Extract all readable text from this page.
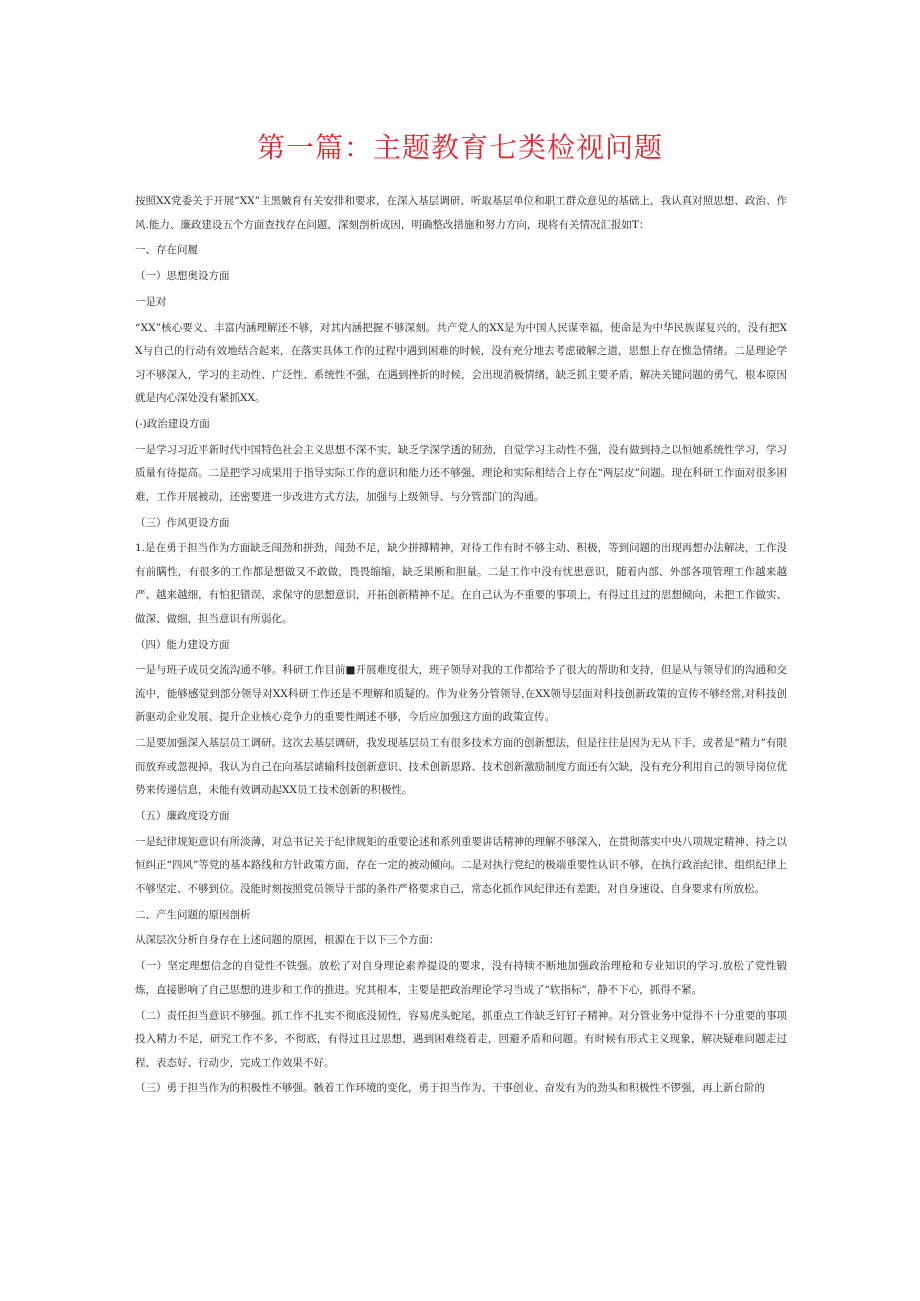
第一篇：主题教育七类检视问题

按照XX党委关于开展“XX”主黑皴育有关安排和要求，在深入基层调研、听取基层单位和职工群众意见的基础上，我认真对照思想、政治、作风.能力、廉政建设五个方面查找存在问题，深刻剖析成因，明确整改措施和努力方向，现将有关情况汇报如T：

一、存在问履

（一）思想奥设方面

一是对

“XX”核心要义、丰富内涵理解还不够，对其内涵把握不够深刻。共产党人的XX是为中国人民谋幸福，使命是为中华民族谋复兴的，没有把XX与自己的行动有效地结合起来，在落实具体工作的过程中遇到困难的时候，没有充分地去考虑破解之道，思想上存在憔急情绪。二是理论学习不够深入，学习的主动性、广泛性、系统性不强，在遇到挫折的时候，会出现消极情绪，缺乏抓主要矛盾，解决关键问题的勇气，根本原因就是内心深处没有紧抓XX。

(-)政治建设方面

一是学习习近平新时代中国特色社会主义思想不深不实，缺乏学深学透的韧劲，自觉学习主动性不强，没有做到持之以恒她系统性学习，学习质量有待提高。二是把学习成果用于指导实际工作的意识和能力还不够强，理论和实际相结合上存在“两层皮”问题。现在科研工作面对很多困难，工作开展被动，还密要进一步改进方式方法，加强与上级领导、与分管部门的沟通。

（三）作风更设方面

1.是在勇于担当作为方面缺乏闯劲和拼劲，闯劲不足，缺少拼搏精神，对待工作有时不够主动、积极，等到问题的出现再想办法解决，工作没有前瞒性，有很多的工作都是想做又不敢做，畏畏缩缩，缺乏果断和胆量。二是工作中没有忧患意识，随着内部、外部各项管理工作越来越严、越来越细，有怕犯错误，求保守的思想意识，开拓创新精神不足。在自己认为不重要的事项上，有得过且过的思想倾向，未把工作做实、做深、做细，担当意识有所弱化。

（四）能力建设方面

一是与班子成员交流沟通不够。科研工作目前■开展难度很大，班子领导对我的工作都给予了很大的帮助和支持，但是从与领导们的沟通和交流中，能够感觉到部分领导对XX科研工作还是不理解和质疑的。作为业务分管领导,在XX领导层面对科技创新政策的宣传不够经常,对科技创新驱动企业发展、提升企业核心竞争力的重要性阐述不够，今后应加强这方面的政策宣传。

二是要加强深入基层员工调研。这次去基层调研，我发现基层员工有很多技术方面的创新想法，但是往往是因为无从下手，或者是“精力”有限而放弃或忽视掉。我认为自己在向基层谑输科技创新意识、技术创新思路、技术创新激励制度方面还有欠缺，没有充分利用自己的领导岗位优势来传递信息，未能有效调动起XX员工技术创新的积极性。

（五）廉政度设方面

一是纪律规矩意识有所淡薄，对总书记关于纪律规矩的重要论述和系列重要讲话精神的理解不够深入，在贯彻落实中央八项规定精神、持之以恒纠正“四风”等党的基本路线和方针政策方面，存在一定的被动倾向。二是对执行党纪的极端重要性认识不够，在执行政治纪律、组织纪律上不够坚定、不够到位。没能时刻按照党员领导干部的条件严格要求自己，常态化抓作风纪律还有差距，对自身速设、自身要求有所放松。

二、产生问题的原因剖析

从深层次分析自身存在上述问题的原因，根源在于以下三个方面：

（一）坚定理想信念的自觉性不铁强。放松了对自身理论素养提设的要求，没有持犊不断地加强政治理枪和专业知识的学习.放松了党性锻炼，直接影响了自己思想的进步和工作的推进。究其根本，主要是把政治理论学习当成了“软指标”，静不下心，抓得不紧。

（二）责任担当意识不够强。抓工作不扎实不彻底没韧性，容易虎头蛇尾，抓重点工作缺乏钉钉子精神。对分管业务中觉得不十分重要的事项投入精力不足，研究工作不多，不彻底，有得过且过思想，遇到困难绕着走，回避矛盾和问题。有时候有形式主义现象，解决疑难问题走过程，表态好、行动少，完成工作效果不好。

（三）勇于担当作为的积极性不够强。骸着工作环境的变化，勇于担当作为、干事创业、奋发有为的劲头和积极性不锣强，再上新台阶的
